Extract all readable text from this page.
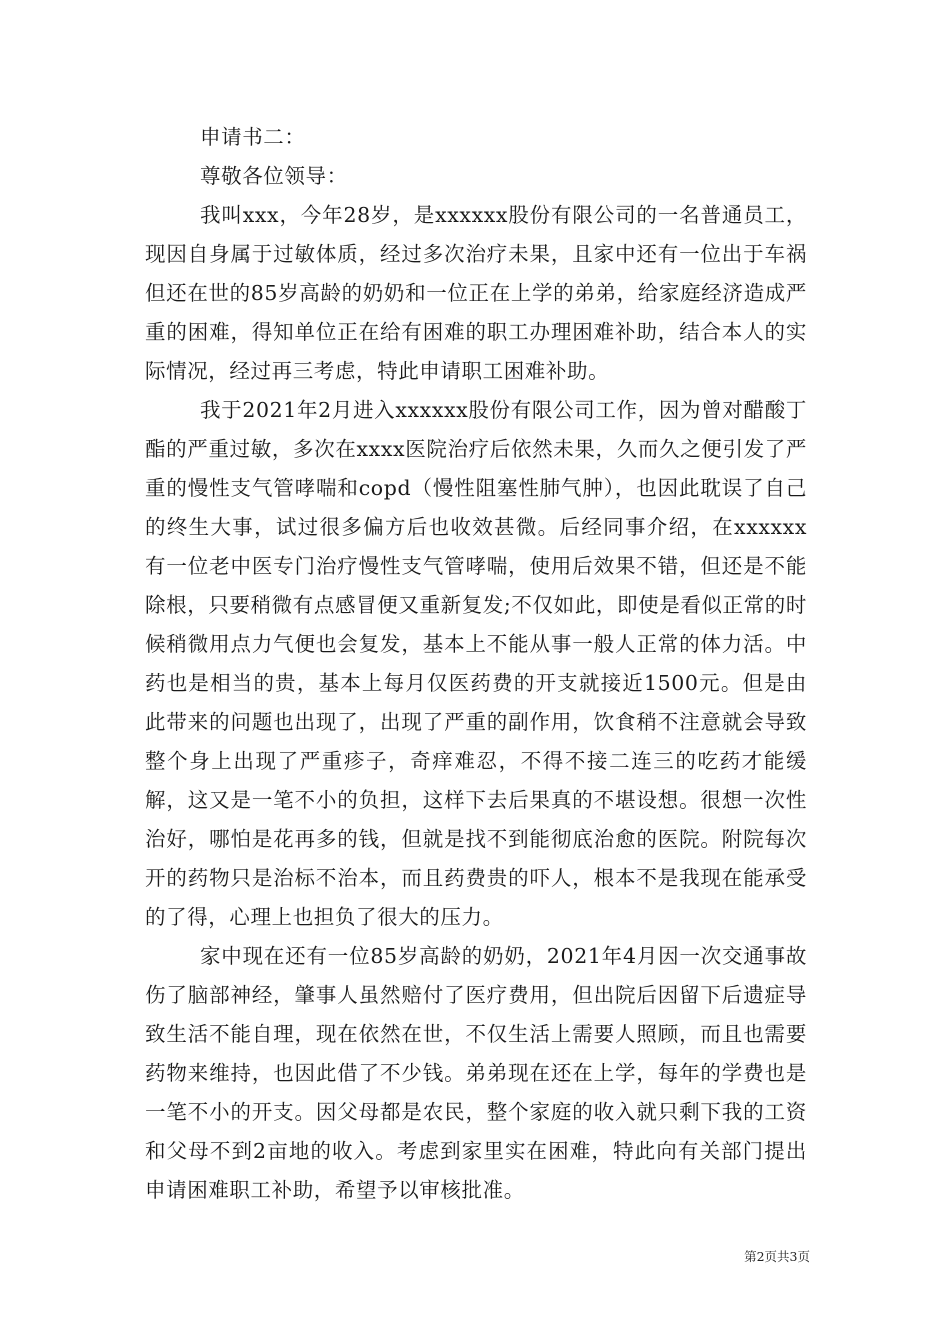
申请书二：

尊敬各位领导：

我叫xxx，今年28岁，是xxxxxx股份有限公司的一名普通员工，现因自身属于过敏体质，经过多次治疗未果，且家中还有一位出于车祸但还在世的85岁高龄的奶奶和一位正在上学的弟弟，给家庭经济造成严重的困难，得知单位正在给有困难的职工办理困难补助，结合本人的实际情况，经过再三考虑，特此申请职工困难补助。

我于2021年2月进入xxxxxx股份有限公司工作，因为曾对醋酸丁酯的严重过敏，多次在xxxx医院治疗后依然未果，久而久之便引发了严重的慢性支气管哮喘和copd（慢性阻塞性肺气肿），也因此耽误了自己的终生大事，试过很多偏方后也收效甚微。后经同事介绍，在xxxxxx有一位老中医专门治疗慢性支气管哮喘，使用后效果不错，但还是不能除根，只要稍微有点感冒便又重新复发;不仅如此，即使是看似正常的时候稍微用点力气便也会复发，基本上不能从事一般人正常的体力活。中药也是相当的贵，基本上每月仅医药费的开支就接近1500元。但是由此带来的问题也出现了，出现了严重的副作用，饮食稍不注意就会导致整个身上出现了严重疹子，奇痒难忍，不得不接二连三的吃药才能缓解，这又是一笔不小的负担，这样下去后果真的不堪设想。很想一次性治好，哪怕是花再多的钱，但就是找不到能彻底治愈的医院。附院每次开的药物只是治标不治本，而且药费贵的吓人，根本不是我现在能承受的了得，心理上也担负了很大的压力。

家中现在还有一位85岁高龄的奶奶，2021年4月因一次交通事故伤了脑部神经，肇事人虽然赔付了医疗费用，但出院后因留下后遗症导致生活不能自理，现在依然在世，不仅生活上需要人照顾，而且也需要药物来维持，也因此借了不少钱。弟弟现在还在上学，每年的学费也是一笔不小的开支。因父母都是农民，整个家庭的收入就只剩下我的工资和父母不到2亩地的收入。考虑到家里实在困难，特此向有关部门提出申请困难职工补助，希望予以审核批准。

第2页共3页
